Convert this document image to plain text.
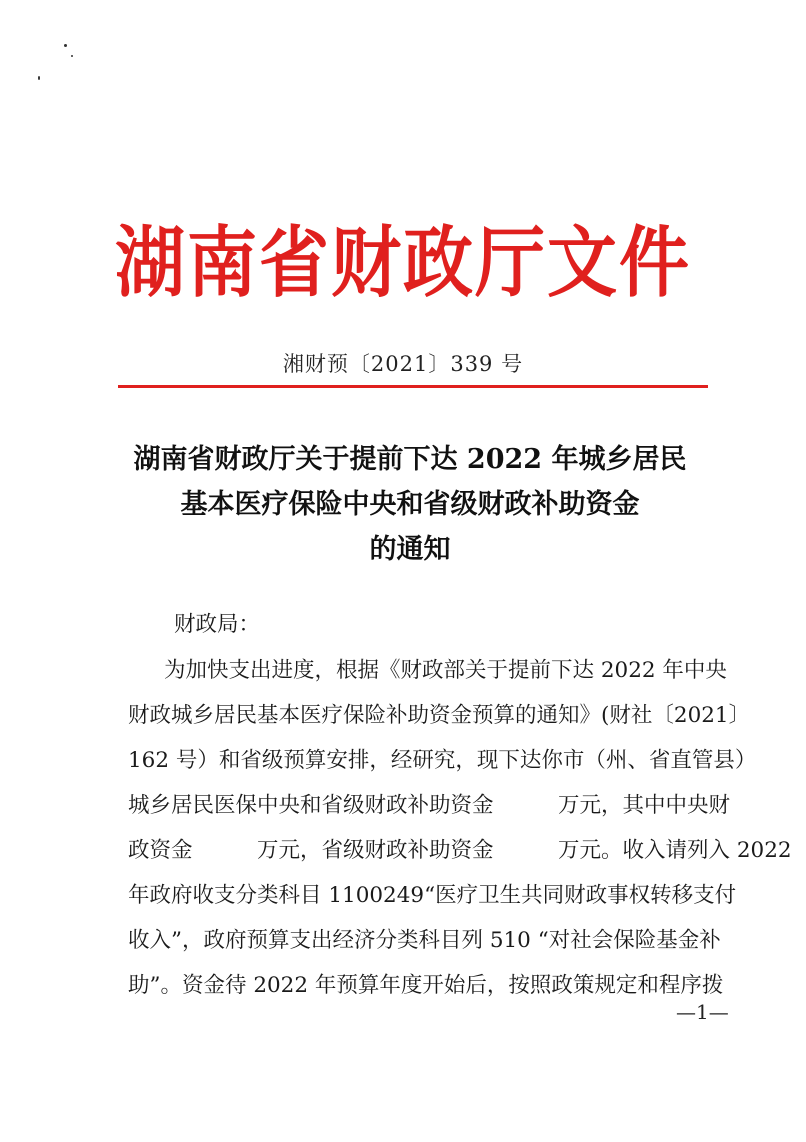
湖南省财政厅文件
湘财预〔2021〕339 号
湖南省财政厅关于提前下达 2022 年城乡居民
基本医疗保险中央和省级财政补助资金
的通知
财政局：
为加快支出进度，根据《财政部关于提前下达 2022 年中央
财政城乡居民基本医疗保险补助资金预算的通知》(财社〔2021〕
162 号）和省级预算安排，经研究，现下达你市（州、省直管县）
城乡居民医保中央和省级财政补助资金　　　万元，其中中央财
政资金　　　万元，省级财政补助资金　　　万元。收入请列入 2022
年政府收支分类科目 1100249“医疗卫生共同财政事权转移支付
收入”，政府预算支出经济分类科目列 510 “对社会保险基金补
助”。资金待 2022 年预算年度开始后，按照政策规定和程序拨
—1—
